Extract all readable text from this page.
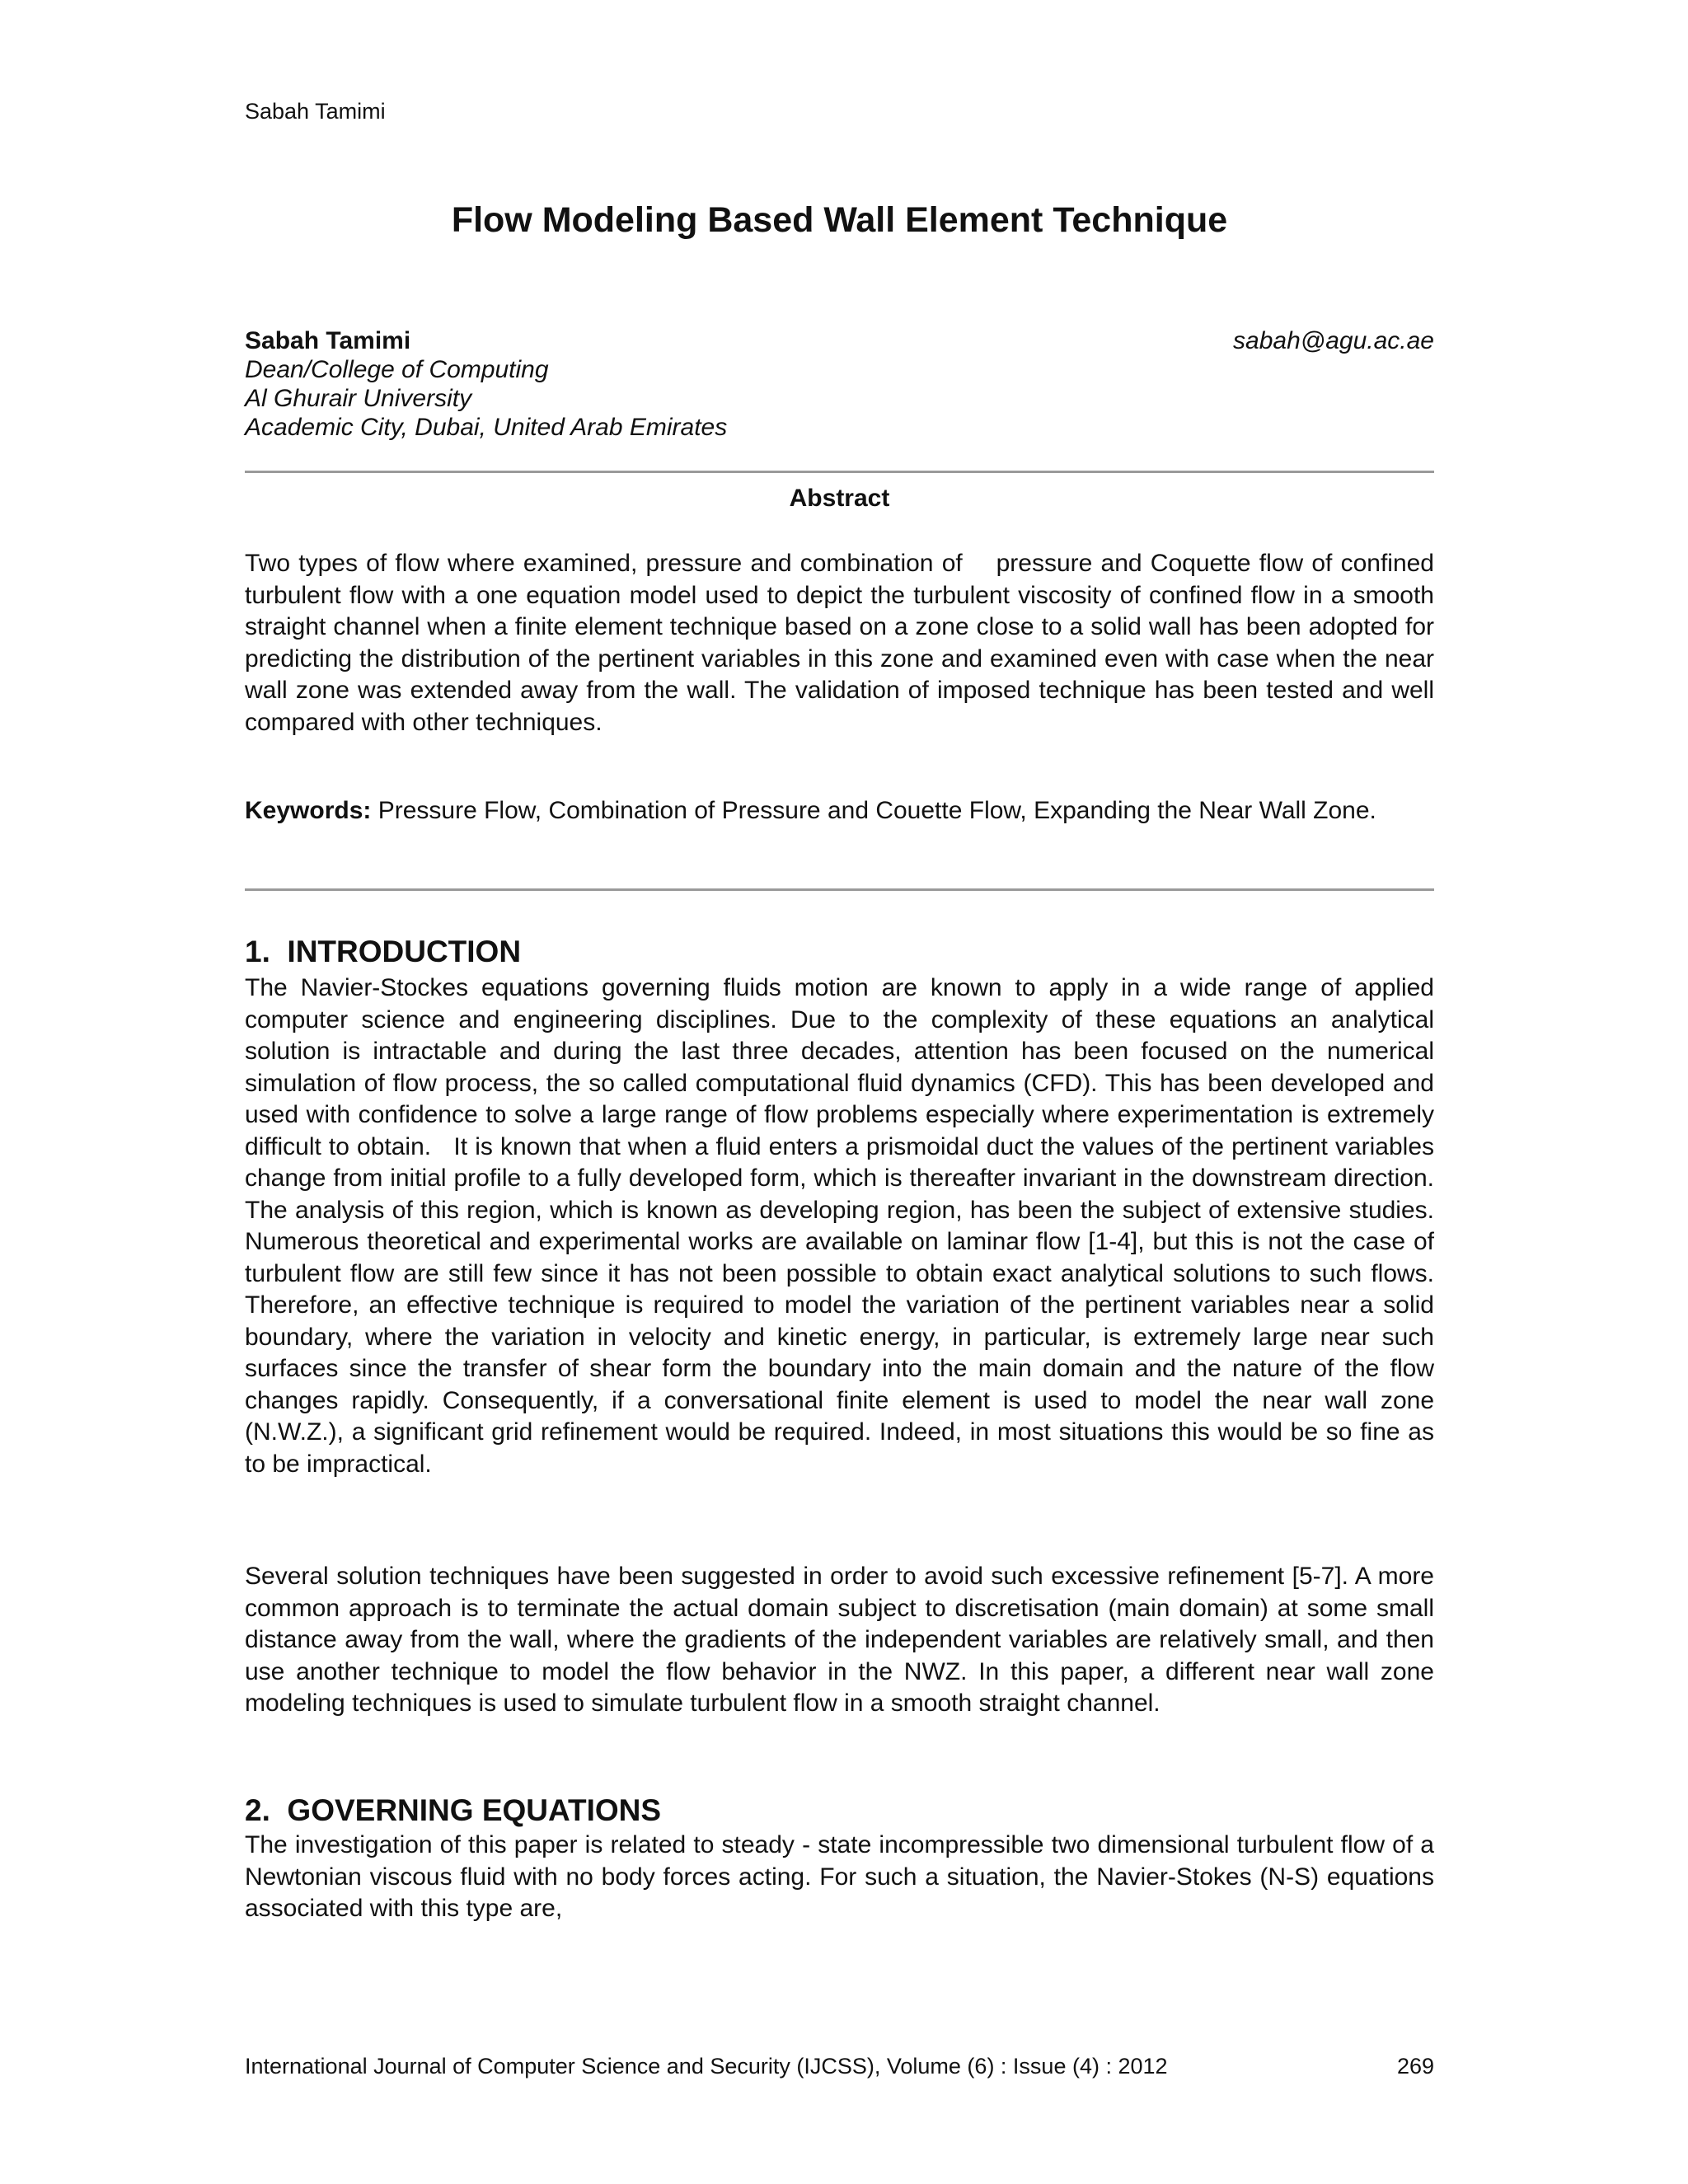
Sabah Tamimi
Flow Modeling Based Wall Element Technique
Sabah Tamimi	sabah@agu.ac.ae
Dean/College of Computing
Al Ghurair University
Academic City, Dubai, United Arab Emirates
Abstract

Two types of flow where examined, pressure and combination of    pressure and Coquette flow of confined turbulent flow with a one equation model used to depict the turbulent viscosity of confined flow in a smooth straight channel when a finite element technique based on a zone close to a solid wall has been adopted for predicting the distribution of the pertinent variables in this zone and examined even with case when the near wall zone was extended away from the wall. The validation of imposed technique has been tested and well compared with other techniques.

Keywords: Pressure Flow, Combination of Pressure and Couette Flow, Expanding the Near Wall Zone.

1.  INTRODUCTION

The Navier-Stockes equations governing fluids motion are known to apply in a wide range of applied computer science and engineering disciplines. Due to the complexity of these equations an analytical solution is intractable and during the last three decades, attention has been focused on the numerical simulation of flow process, the so called computational fluid dynamics (CFD). This has been developed and used with confidence to solve a large range of flow problems especially where experimentation is extremely difficult to obtain.   It is known that when a fluid enters a prismoidal duct the values of the pertinent variables change from initial profile to a fully developed form, which is thereafter invariant in the downstream direction. The analysis of this region, which is known as developing region, has been the subject of extensive studies. Numerous theoretical and experimental works are available on laminar flow [1-4], but this is not the case of turbulent flow are still few since it has not been possible to obtain exact analytical solutions to such flows. Therefore, an effective technique is required to model the variation of the pertinent variables near a solid boundary, where the variation in velocity and kinetic energy, in particular, is extremely large near such surfaces since the transfer of shear form the boundary into the main domain and the nature of the flow changes rapidly. Consequently, if a conversational finite element is used to model the near wall zone (N.W.Z.), a significant grid refinement would be required. Indeed, in most situations this would be so fine as to be impractical.

Several solution techniques have been suggested in order to avoid such excessive refinement [5-7]. A more common approach is to terminate the actual domain subject to discretisation (main domain) at some small distance away from the wall, where the gradients of the independent variables are relatively small, and then use another technique to model the flow behavior in the NWZ. In this paper, a different near wall zone modeling techniques is used to simulate turbulent flow in a smooth straight channel.

2.  GOVERNING EQUATIONS

The investigation of this paper is related to steady - state incompressible two dimensional turbulent flow of a Newtonian viscous fluid with no body forces acting. For such a situation, the Navier-Stokes (N-S) equations associated with this type are,

International Journal of Computer Science and Security (IJCSS), Volume (6) : Issue (4) : 2012	269
